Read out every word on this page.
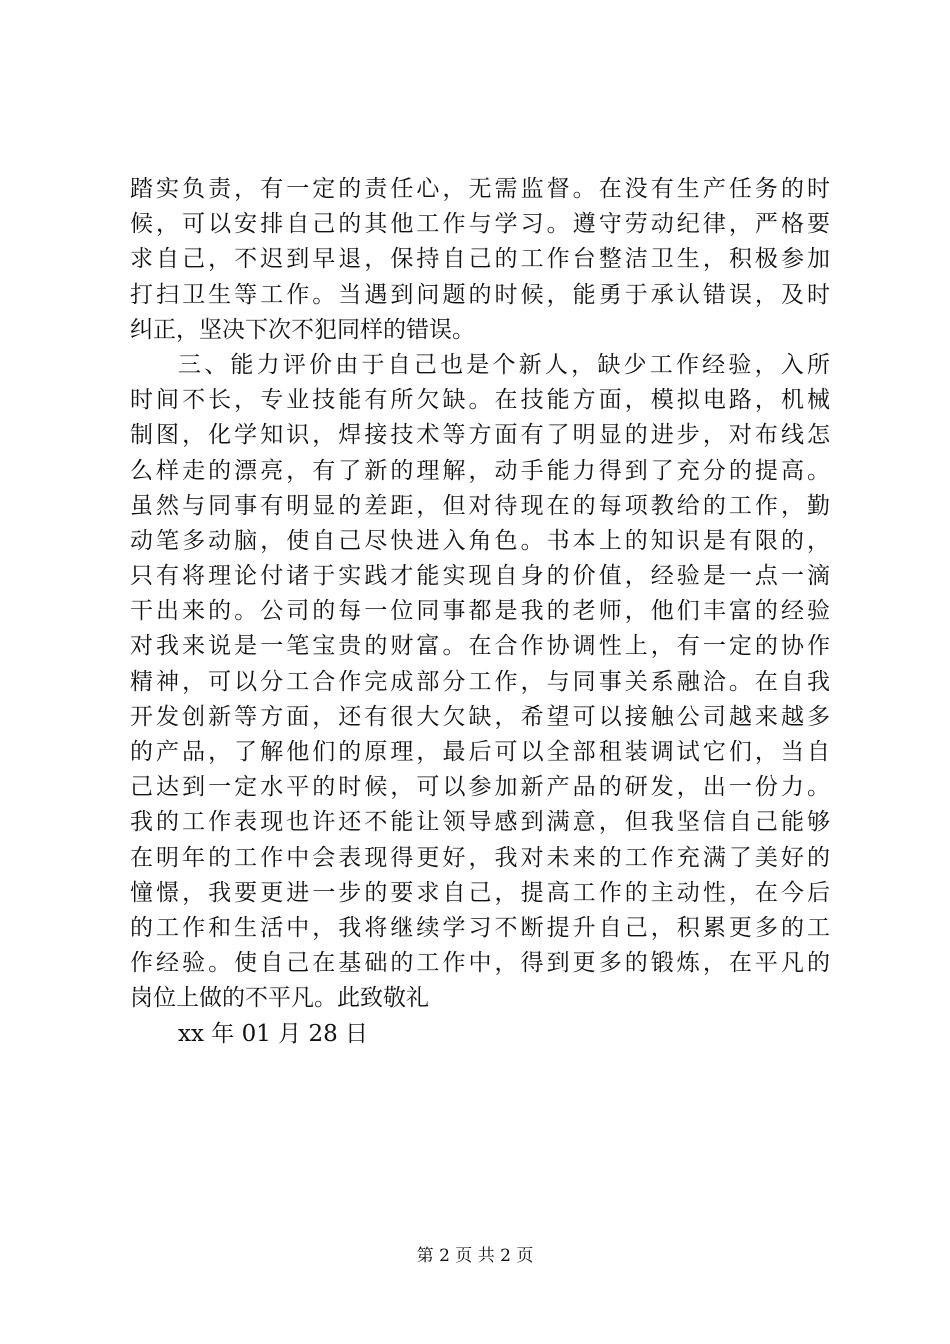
踏实负责，有一定的责任心，无需监督。在没有生产任务的时
候，可以安排自己的其他工作与学习。遵守劳动纪律，严格要
求自己，不迟到早退，保持自己的工作台整洁卫生，积极参加
打扫卫生等工作。当遇到问题的时候，能勇于承认错误，及时
纠正，坚决下次不犯同样的错误。
三、能力评价由于自己也是个新人，缺少工作经验，入所
时间不长，专业技能有所欠缺。在技能方面，模拟电路，机械
制图，化学知识，焊接技术等方面有了明显的进步，对布线怎
么样走的漂亮，有了新的理解，动手能力得到了充分的提高。
虽然与同事有明显的差距，但对待现在的每项教给的工作，勤
动笔多动脑，使自己尽快进入角色。书本上的知识是有限的，
只有将理论付诸于实践才能实现自身的价值，经验是一点一滴
干出来的。公司的每一位同事都是我的老师，他们丰富的经验
对我来说是一笔宝贵的财富。在合作协调性上，有一定的协作
精神，可以分工合作完成部分工作，与同事关系融洽。在自我
开发创新等方面，还有很大欠缺，希望可以接触公司越来越多
的产品，了解他们的原理，最后可以全部租装调试它们，当自
己达到一定水平的时候，可以参加新产品的研发，出一份力。
我的工作表现也许还不能让领导感到满意，但我坚信自己能够
在明年的工作中会表现得更好，我对未来的工作充满了美好的
憧憬，我要更进一步的要求自己，提高工作的主动性，在今后
的工作和生活中，我将继续学习不断提升自己，积累更多的工
作经验。使自己在基础的工作中，得到更多的锻炼，在平凡的
岗位上做的不平凡。此致敬礼
xx 年 01 月 28 日
第 2 页 共 2 页
